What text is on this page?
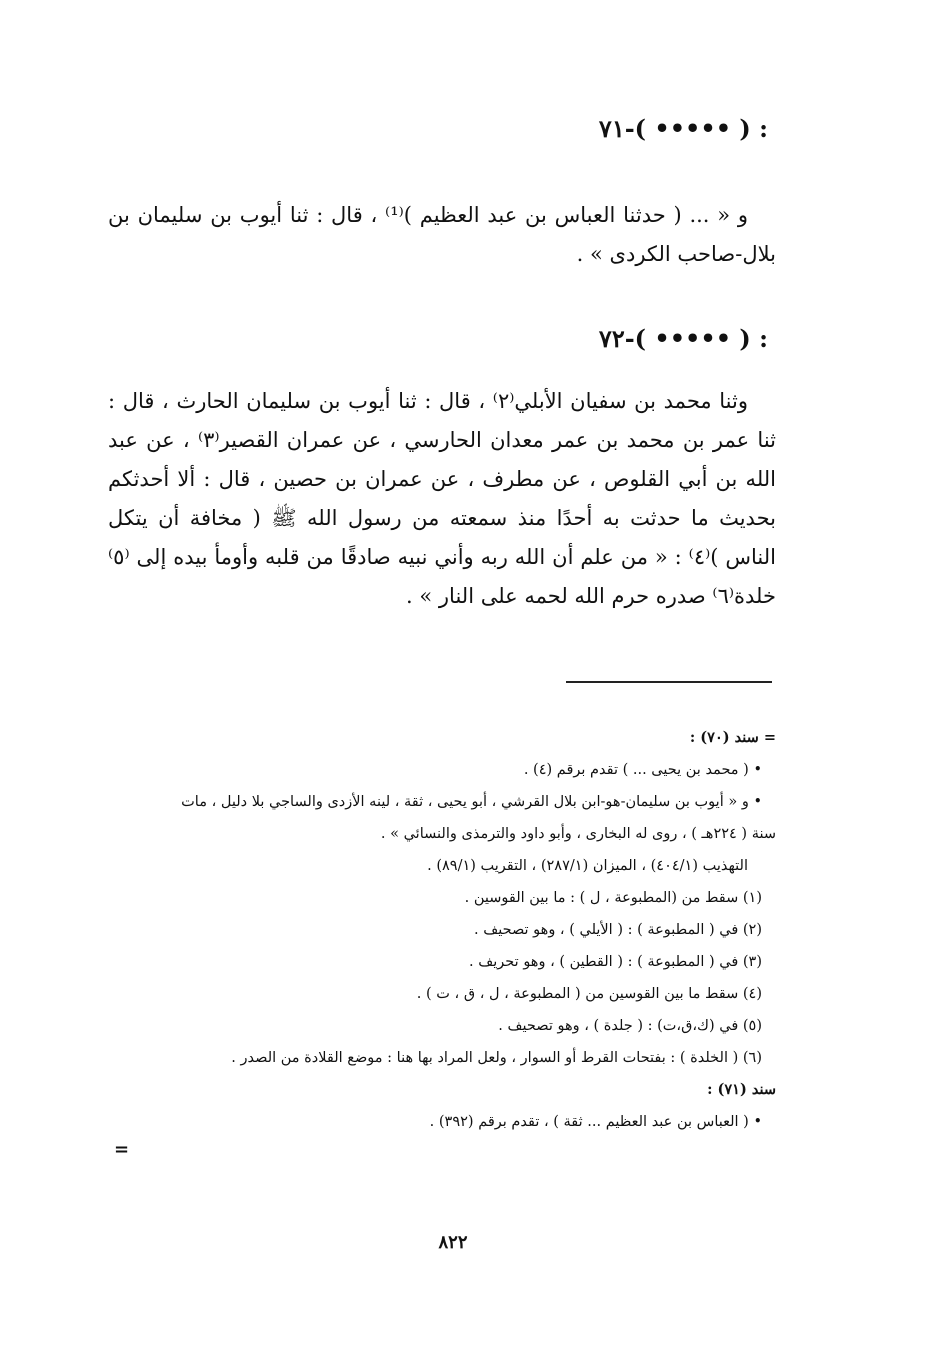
٧١-( ••••• ) :

و « ... ( حدثنا العباس بن عبد العظيم )⁽¹⁾ ، قال : ثنا أيوب بن سليمان بن بلال-صاحب الكردى » .

٧٢-( ••••• ) :

وثنا محمد بن سفيان الأبلي⁽٢⁾ ، قال : ثنا أيوب بن سليمان الحارث ، قال : ثنا عمر بن محمد بن عمر معدان الحارسي ، عن عمران القصير⁽٣⁾ ، عن عبد الله بن أبي القلوص ، عن مطرف ، عن عمران بن حصين ، قال : ألا أحدثكم بحديث ما حدثت به أحدًا منذ سمعته من رسول الله ﷺ ( مخافة أن يتكل الناس )⁽٤⁾ : « من علم أن الله ربه وأني نبيه صادقًا من قلبه وأومأ بيده إلى ⁽٥⁾خلدة⁽٦⁾ صدره حرم الله لحمه على النار » .

= سند (٧٠) :

• ( محمد بن يحيى ... ) تقدم برقم (٤) .

• و « أيوب بن سليمان-هو-ابن بلال القرشي ، أبو يحيى ، ثقة ، لينه الأزدى والساجي بلا دليل ، مات

سنة ( ٢٢٤هـ ) ، روى له البخارى ، وأبو داود والترمذى والنسائي » .

التهذيب (٤٠٤/١) ، الميزان (٢٨٧/١) ، التقريب (٨٩/١) .

(١) سقط من (المطبوعة ، ل ) : ما بين القوسين .

(٢) في ( المطبوعة ) : ( الأيلي ) ، وهو تصحيف .

(٣) في ( المطبوعة ) : ( القطين ) ، وهو تحريف .

(٤) سقط ما بين القوسين من ( المطبوعة ، ل ، ق ، ت ) .

(٥) في (ك،ق،ت) : ( جلدة ) ، وهو تصحيف .

(٦) ( الخلدة ) : بفتحات القرط أو السوار ، ولعل المراد بها هنا : موضع القلادة من الصدر .

سند (٧١) :

• ( العباس بن عبد العظيم ... ثقة ) ، تقدم برقم (٣٩٢) .

=
٨٢٢
